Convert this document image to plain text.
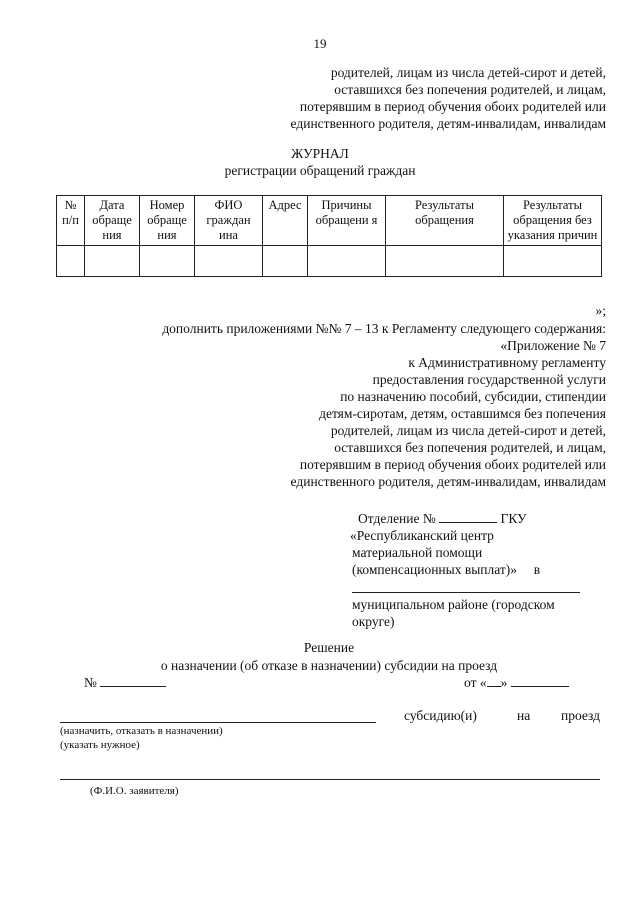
19
родителей, лицам из числа детей-сирот и детей,
оставшихся без попечения родителей, и лицам,
потерявшим в период обучения обоих родителей или
единственного родителя, детям-инвалидам, инвалидам
ЖУРНАЛ
регистрации обращений граждан
№ п/п	Дата обраще ния	Номер обраще ния	ФИО граждан ина	Адрес	Причины обращени я	Результаты обращения	Результаты обращения без указания причин

»;
дополнить приложениями №№ 7 – 13 к Регламенту следующего содержания:
«Приложение № 7
к Административному регламенту
предоставления государственной услуги
по назначению пособий, субсидии, стипендии
детям-сиротам, детям, оставшимся без попечения
родителей, лицам из числа детей-сирот и детей,
оставшихся без попечения родителей, и лицам,
потерявшим в период обучения обоих родителей или
единственного родителя, детям-инвалидам, инвалидам
Отделение №	ГКУ
«Республиканский центр
материальной помощи
(компенсационных выплат)» в
муниципальном районе (городском
округе)
Решение
о назначении (об отказе в назначении) субсидии на проезд
№	от « »
субсидию(и)	на проезд
(назначить, отказать в назначении)
(указать нужное)
(Ф.И.О. заявителя)
